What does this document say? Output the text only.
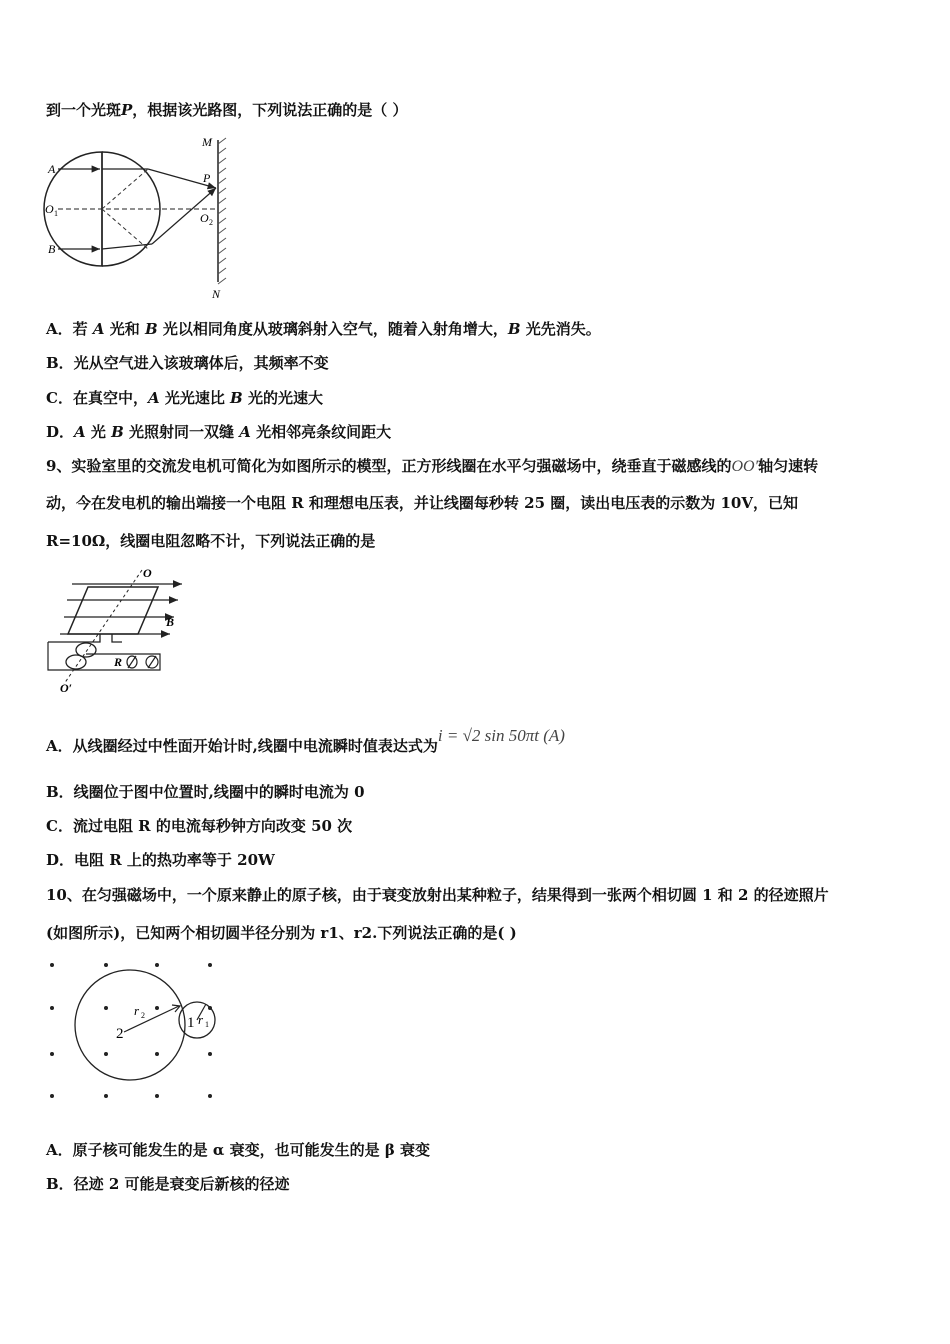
到一个光斑P，根据该光路图，下列说法正确的是（ ）
A
B
O 1	O 2
M
N
P
A．若 A 光和 B 光以相同角度从玻璃斜射入空气，随着入射角增大，B 光先消失。
B．光从空气进入该玻璃体后，其频率不变
C．在真空中，A 光光速比 B 光的光速大
D．A 光 B 光照射同一双缝 A 光相邻亮条纹间距大
9、实验室里的交流发电机可简化为如图所示的模型，正方形线圈在水平匀强磁场中，绕垂直于磁感线的OO′轴匀速转
动，今在发电机的输出端接一个电阻 R 和理想电压表，并让线圈每秒转 25 圈，读出电压表的示数为 10V，已知
R=10Ω，线圈电阻忽略不计，下列说法正确的是
O
O′
B
R
A．从线圈经过中性面开始计时,线圈中电流瞬时值表达式为i = √2 sin 50πt (A)
B．线圈位于图中位置时,线圈中的瞬时电流为 0
C．流过电阻 R 的电流每秒钟方向改变 50 次
D．电阻 R 上的热功率等于 20W
10、在匀强磁场中，一个原来静止的原子核，由于衰变放射出某种粒子，结果得到一张两个相切圆 1 和 2 的径迹照片
(如图所示)，已知两个相切圆半径分别为 r1、r2.下列说法正确的是( )
2
1
r 2	r 1
A．原子核可能发生的是 α 衰变，也可能发生的是 β 衰变
B．径迹 2 可能是衰变后新核的径迹
